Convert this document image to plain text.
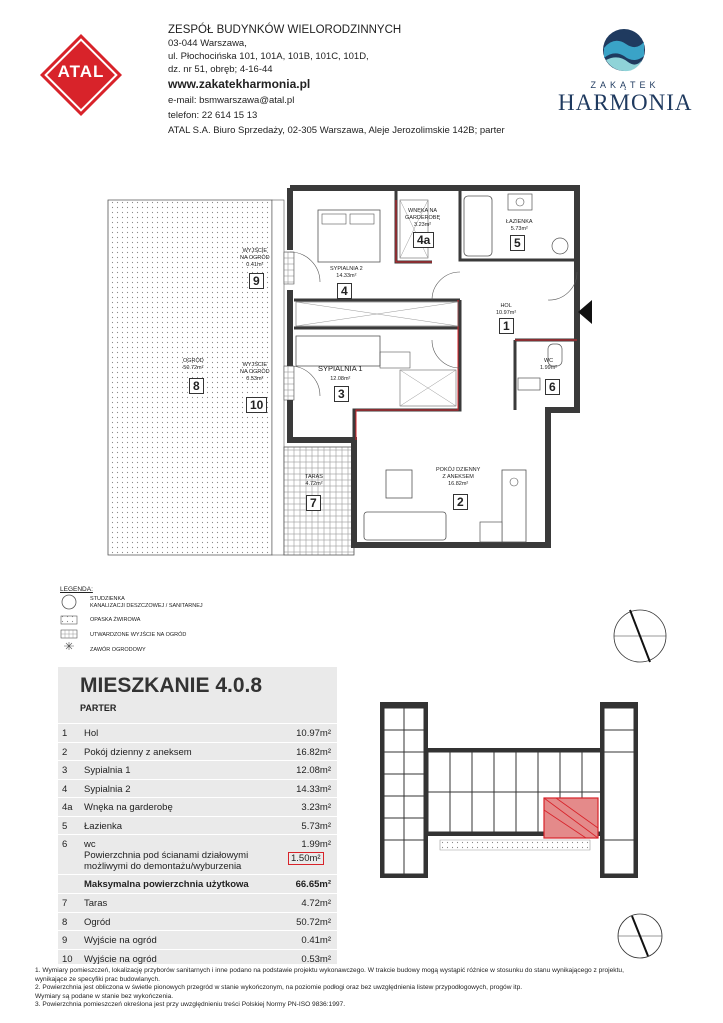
ATAL
ZESPÓŁ BUDYNKÓW WIELORODZINNYCH
03-044 Warszawa,
ul. Płochocińska 101, 101A, 101B, 101C, 101D,
dz. nr 51, obręb; 4-16-44
www.zakatekharmonia.pl
e-mail: bsmwarszawa@atal.pl
telefon: 22 614 15 13
ATAL S.A. Biuro Sprzedaży, 02-305 Warszawa, Aleje Jerozolimskie 142B; parter
ZAKĄTEK
HARMONIA
WNĘKA NA
GARDEROBĘ
3.23m²
4a
ŁAZIENKA
5.73m²
5
SYPIALNIA 2
14.33m²
4
HOL
10.97m²
1
WC
1.99m²
6
SYPIALNIA 1
12.08m²
3
POKÓJ DZIENNY
Z ANEKSEM
16.82m²
2
TARAS
4.72m²
7
OGRÓD
50.72m²
8
WYJŚCIE
NA OGRÓD
0.41m²
9
WYJŚCIE
NA OGRÓD
0.53m²
10
LEGENDA:
STUDZIENKA
KANALIZACJI DESZCZOWEJ / SANITARNEJ
OPASKA ŻWIROWA
UTWARDZONE WYJŚCIE NA OGRÓD
ZAWÓR OGRODOWY
MIESZKANIE 4.0.8
PARTER
1 Hol	10.97m²
2 Pokój dzienny z aneksem	16.82m²
3 Sypialnia 1	12.08m²
4 Sypialnia 2	14.33m²
4a Wnęka na garderobę	3.23m²
5 Łazienka	5.73m²
6 wc	1.99m²
Powierzchnia pod ścianami działowymi
możliwymi do demontażu/wyburzenia
1.50m²
Maksymalna powierzchnia użytkowa	66.65m²
7 Taras	4.72m²
8 Ogród	50.72m²
9 Wyjście na ogród	0.41m²
10 Wyjście na ogród	0.53m²
1. Wymiary pomieszczeń, lokalizację przyborów sanitarnych i inne podano na podstawie projektu wykonawczego. W trakcie budowy mogą wystąpić różnice w stosunku do stanu wynikającego z projektu,
wynikające ze specyfiki prac budowlanych.
2. Powierzchnia jest obliczona w świetle pionowych przegród w stanie wykończonym, na poziomie podłogi oraz bez uwzględnienia listew przypodłogowych, progów itp.
Wymiary są podane w stanie bez wykończenia.
3. Powierzchnia pomieszczeń określona jest przy uwzględnieniu treści Polskiej Normy PN-ISO 9836:1997.
